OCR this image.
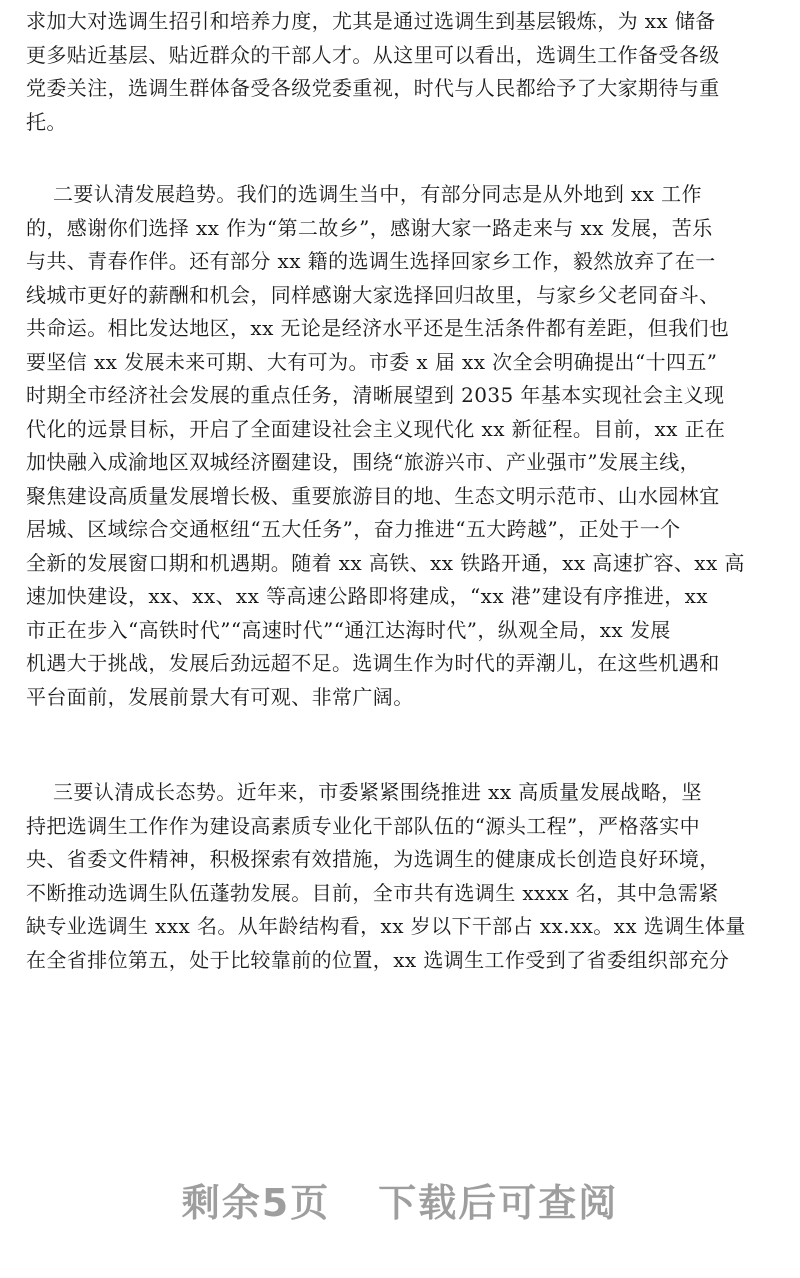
求加大对选调生招引和培养力度，尤其是通过选调生到基层锻炼，为 xx 储备
更多贴近基层、贴近群众的干部人才。从这里可以看出，选调生工作备受各级
党委关注，选调生群体备受各级党委重视，时代与人民都给予了大家期待与重
托。
二要认清发展趋势。我们的选调生当中，有部分同志是从外地到 xx 工作
的，感谢你们选择 xx 作为“第二故乡”，感谢大家一路走来与 xx 发展，苦乐
与共、青春作伴。还有部分 xx 籍的选调生选择回家乡工作，毅然放弃了在一
线城市更好的薪酬和机会，同样感谢大家选择回归故里，与家乡父老同奋斗、
共命运。相比发达地区，xx 无论是经济水平还是生活条件都有差距，但我们也
要坚信 xx 发展未来可期、大有可为。市委 x 届 xx 次全会明确提出“十四五”
时期全市经济社会发展的重点任务，清晰展望到 2035 年基本实现社会主义现
代化的远景目标，开启了全面建设社会主义现代化 xx 新征程。目前，xx 正在
加快融入成渝地区双城经济圈建设，围绕“旅游兴市、产业强市”发展主线，
聚焦建设高质量发展增长极、重要旅游目的地、生态文明示范市、山水园林宜
居城、区域综合交通枢纽“五大任务”，奋力推进“五大跨越”，正处于一个
全新的发展窗口期和机遇期。随着 xx 高铁、xx 铁路开通，xx 高速扩容、xx 高
速加快建设，xx、xx、xx 等高速公路即将建成，“xx 港”建设有序推进，xx
市正在步入“高铁时代”“高速时代”“通江达海时代”，纵观全局，xx 发展
机遇大于挑战，发展后劲远超不足。选调生作为时代的弄潮儿，在这些机遇和
平台面前，发展前景大有可观、非常广阔。
三要认清成长态势。近年来，市委紧紧围绕推进 xx 高质量发展战略，坚
持把选调生工作作为建设高素质专业化干部队伍的“源头工程”，严格落实中
央、省委文件精神，积极探索有效措施，为选调生的健康成长创造良好环境，
不断推动选调生队伍蓬勃发展。目前，全市共有选调生 xxxx 名，其中急需紧
缺专业选调生 xxx 名。从年龄结构看，xx 岁以下干部占 xx.xx。xx 选调生体量
在全省排位第五，处于比较靠前的位置，xx 选调生工作受到了省委组织部充分
剩余5页 下载后可查阅
